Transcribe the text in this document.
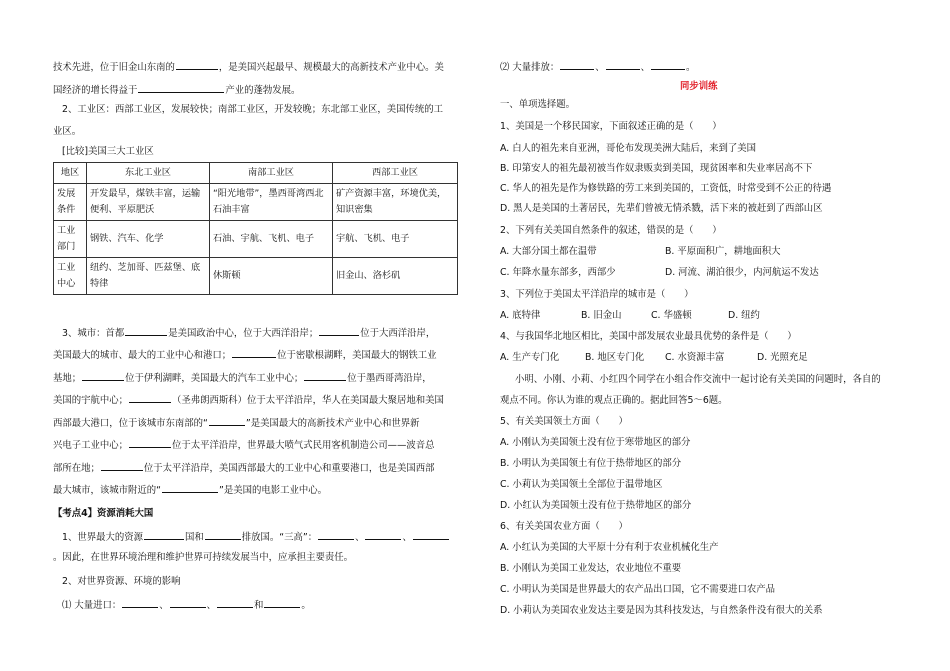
技术先进，位于旧金山东南的	，是美国兴起最早、规模最大的高新技术产业中心。美
国经济的增长得益于	产业的蓬勃发展。
2、工业区：西部工业区，发展较快；南部工业区，开发较晚；东北部工业区，美国传统的工
业区。
[比较]美国三大工业区
地区	东北工业区	南部工业区	西部工业区
发展条件	开发最早，煤铁丰富，运输便利、平原肥沃	“阳光地带”，墨西哥湾西北石油丰富	矿产资源丰富，环境优美，知识密集
工业部门	钢铁、汽车、化学	石油、宇航、飞机、电子	宇航、飞机、电子
工业中心	纽约、芝加哥、匹兹堡、底特律	休斯顿	旧金山、洛杉矶
3、城市：首都	是美国政治中心，位于大西洋沿岸；	位于大西洋沿岸，
美国最大的城市、最大的工业中心和港口；	位于密歇根湖畔，美国最大的钢铁工业
基地；	位于伊利湖畔，美国最大的汽车工业中心；	位于墨西哥湾沿岸，
美国的宇航中心；	（圣弗朗西斯科）位于太平洋沿岸，华人在美国最大聚居地和美国
西部最大港口，位于该城市东南部的“	”是美国最大的高新技术产业中心和世界新
兴电子工业中心；	位于太平洋沿岸，世界最大喷气式民用客机制造公司——波音总
部所在地；	位于太平洋沿岸，美国西部最大的工业中心和重要港口，也是美国西部
最大城市，该城市附近的“	”是美国的电影工业中心。
【考点4】资源消耗大国
1、世界最大的资源	国和	排放国。“三高”：	、	、
。因此，在世界环境治理和维护世界可持续发展当中，应承担主要责任。
2、对世界资源、环境的影响
⑴ 大量进口：	、	、	和	。
⑵ 大量排放：	、	、	。
同步训练
一、单项选择题。
1、美国是一个移民国家，下面叙述正确的是（　　）
A. 白人的祖先来自亚洲，哥伦布发现美洲大陆后，来到了美国
B. 印第安人的祖先最初被当作奴隶贩卖到美国，现贫困率和失业率居高不下
C. 华人的祖先是作为修铁路的劳工来到美国的，工资低，时常受到不公正的待遇
D. 黑人是美国的土著居民，先辈们曾被无情杀戮，活下来的被赶到了西部山区
2、下列有关美国自然条件的叙述，错误的是（　　）
A. 大部分国土都在温带	B. 平原面积广，耕地面积大
C. 年降水量东部多，西部少	D. 河流、湖泊很少，内河航运不发达
3、下列位于美国太平洋沿岸的城市是（　　）
A. 底特律	B. 旧金山	C. 华盛顿	D. 纽约
4、与我国华北地区相比，美国中部发展农业最具优势的条件是（　　）
A. 生产专门化	B. 地区专门化 C. 水资源丰富	D. 光照充足
小明、小刚、小莉、小红四个同学在小组合作交流中一起讨论有关美国的问题时，各自的
观点不同。你认为谁的观点正确的。据此回答5～6题。
5、有关美国领土方面（　　）
A. 小刚认为美国领土没有位于寒带地区的部分
B. 小明认为美国领土有位于热带地区的部分
C. 小莉认为美国领土全部位于温带地区
D. 小红认为美国领土没有位于热带地区的部分
6、有关美国农业方面（　　）
A. 小红认为美国的大平原十分有利于农业机械化生产
B. 小刚认为美国工业发达，农业地位不重要
C. 小明认为美国是世界最大的农产品出口国，它不需要进口农产品
D. 小莉认为美国农业发达主要是因为其科技发达，与自然条件没有很大的关系
